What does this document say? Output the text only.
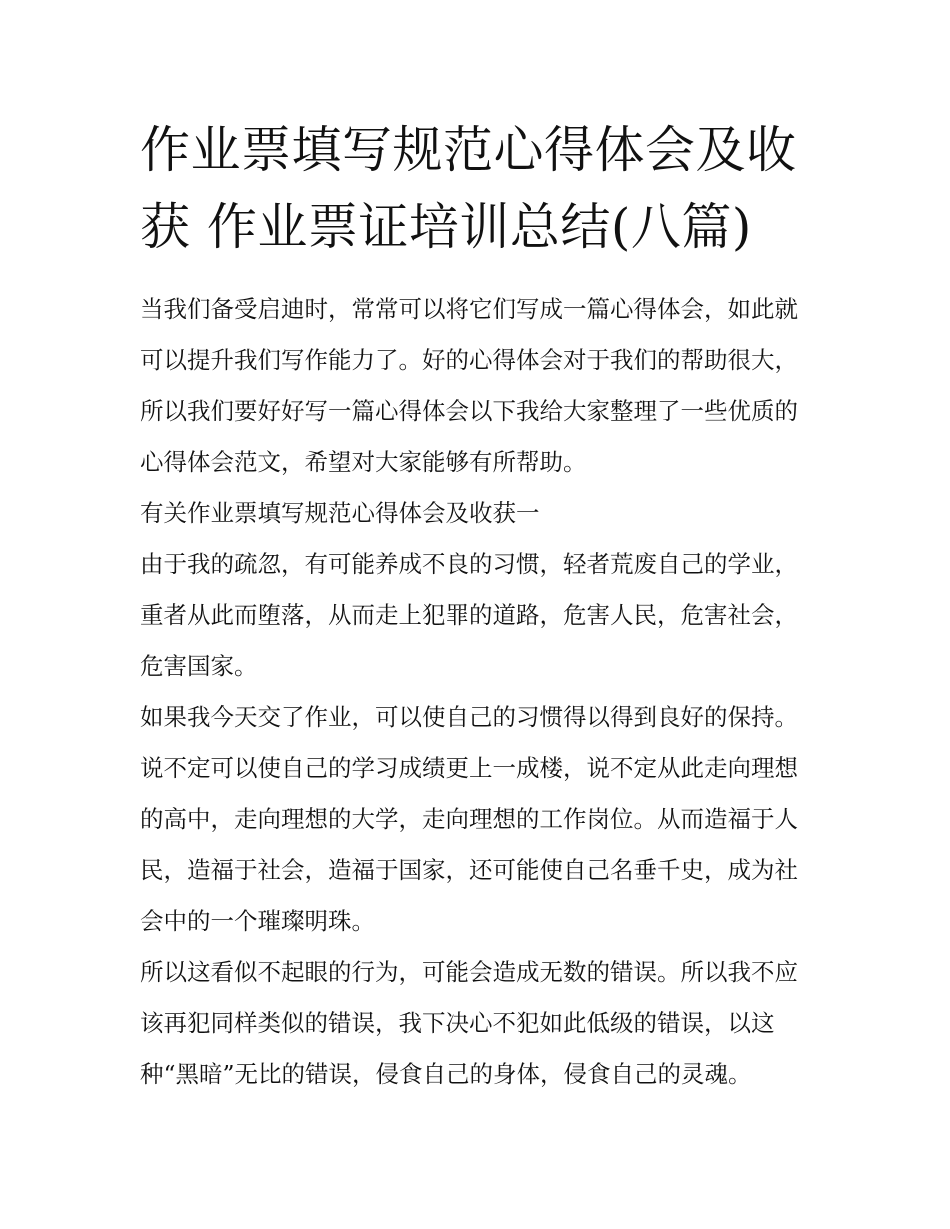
作业票填写规范心得体会及收获 作业票证培训总结(八篇)

当我们备受启迪时，常常可以将它们写成一篇心得体会，如此就可以提升我们写作能力了。好的心得体会对于我们的帮助很大，所以我们要好好写一篇心得体会以下我给大家整理了一些优质的心得体会范文，希望对大家能够有所帮助。

有关作业票填写规范心得体会及收获一

由于我的疏忽，有可能养成不良的习惯，轻者荒废自己的学业，重者从此而堕落，从而走上犯罪的道路，危害人民，危害社会，危害国家。

如果我今天交了作业，可以使自己的习惯得以得到良好的保持。说不定可以使自己的学习成绩更上一成楼，说不定从此走向理想的高中，走向理想的大学，走向理想的工作岗位。从而造福于人民，造福于社会，造福于国家，还可能使自己名垂千史，成为社会中的一个璀璨明珠。

所以这看似不起眼的行为，可能会造成无数的错误。所以我不应该再犯同样类似的错误，我下决心不犯如此低级的错误，以这种“黑暗”无比的错误，侵食自己的身体，侵食自己的灵魂。
